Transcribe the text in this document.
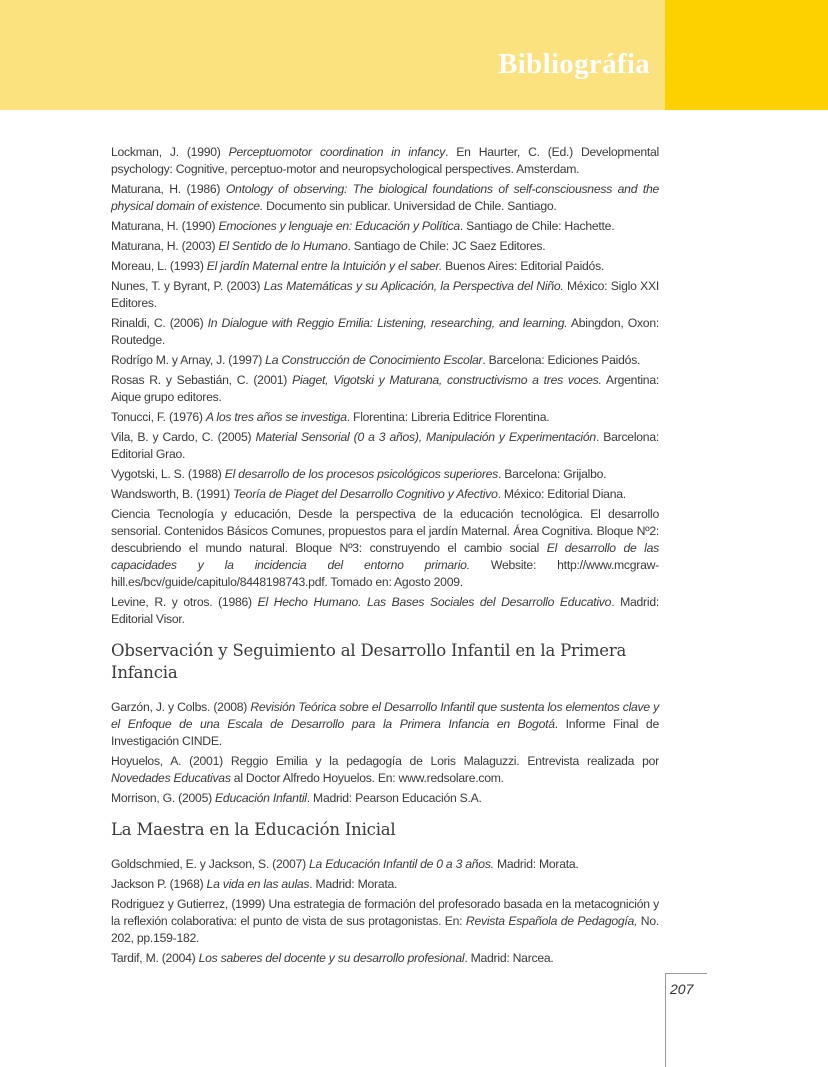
Bibliográfia

Lockman, J. (1990) Perceptuomotor coordination in infancy. En Haurter, C. (Ed.) Developmental psychology: Cognitive, perceptuo-motor and neuropsychological perspectives. Amsterdam.

Maturana, H. (1986) Ontology of observing: The biological foundations of self-consciousness and the physical domain of existence. Documento sin publicar. Universidad de Chile. Santiago.

Maturana, H. (1990) Emociones y lenguaje en: Educación y Política. Santiago de Chile: Hachette.

Maturana, H. (2003) El Sentido de lo Humano. Santiago de Chile: JC Saez Editores.

Moreau, L. (1993) El jardín Maternal entre la Intuición y el saber. Buenos Aires: Editorial Paidós.

Nunes, T. y Byrant, P. (2003) Las Matemáticas y su Aplicación, la Perspectiva del Niño. México: Siglo XXI Editores.

Rinaldi, C. (2006) In Dialogue with Reggio Emilia: Listening, researching, and learning. Abingdon, Oxon: Routedge.

Rodrígo M. y Arnay, J. (1997) La Construcción de Conocimiento Escolar. Barcelona: Ediciones Paidós.

Rosas R. y Sebastián, C. (2001) Piaget, Vigotski y Maturana, constructivismo a tres voces. Argentina: Aique grupo editores.

Tonucci, F. (1976) A los tres años se investiga. Florentina: Libreria Editrice Florentina.

Vila, B. y Cardo, C. (2005) Material Sensorial (0 a 3 años), Manipulación y Experimentación. Barcelona: Editorial Grao.

Vygotski, L. S. (1988) El desarrollo de los procesos psicológicos superiores. Barcelona: Grijalbo.

Wandsworth, B. (1991) Teoría de Piaget del Desarrollo Cognitivo y Afectivo. México: Editorial Diana.

Ciencia Tecnología y educación, Desde la perspectiva de la educación tecnológica. El desarrollo sensorial. Contenidos Básicos Comunes, propuestos para el jardín Maternal. Área Cognitiva. Bloque Nº2: descubriendo el mundo natural. Bloque Nº3: construyendo el cambio social El desarrollo de las capacidades y la incidencia del entorno primario. Website: http://www.mcgraw-hill.es/bcv/guide/capitulo/8448198743.pdf. Tomado en: Agosto 2009.

Levine, R. y otros. (1986) El Hecho Humano. Las Bases Sociales del Desarrollo Educativo. Madrid: Editorial Visor.

Observación y Seguimiento al Desarrollo Infantil en la Primera Infancia

Garzón, J. y Colbs. (2008) Revisión Teórica sobre el Desarrollo Infantil que sustenta los elementos clave y el Enfoque de una Escala de Desarrollo para la Primera Infancia en Bogotá. Informe Final de Investigación CINDE.

Hoyuelos, A. (2001) Reggio Emilia y la pedagogía de Loris Malaguzzi. Entrevista realizada por Novedades Educativas al Doctor Alfredo Hoyuelos. En: www.redsolare.com.

Morrison, G. (2005) Educación Infantil. Madrid: Pearson Educación S.A.

La Maestra en la Educación Inicial

Goldschmied, E. y Jackson, S. (2007) La Educación Infantil de 0 a 3 años. Madrid: Morata.

Jackson P. (1968) La vida en las aulas. Madrid: Morata.

Rodriguez y Gutierrez, (1999) Una estrategia de formación del profesorado basada en la metacognición y la reflexión colaborativa: el punto de vista de sus protagonistas. En: Revista Española de Pedagogía, No. 202, pp.159-182.

Tardif, M. (2004) Los saberes del docente y su desarrollo profesional. Madrid: Narcea.

207
